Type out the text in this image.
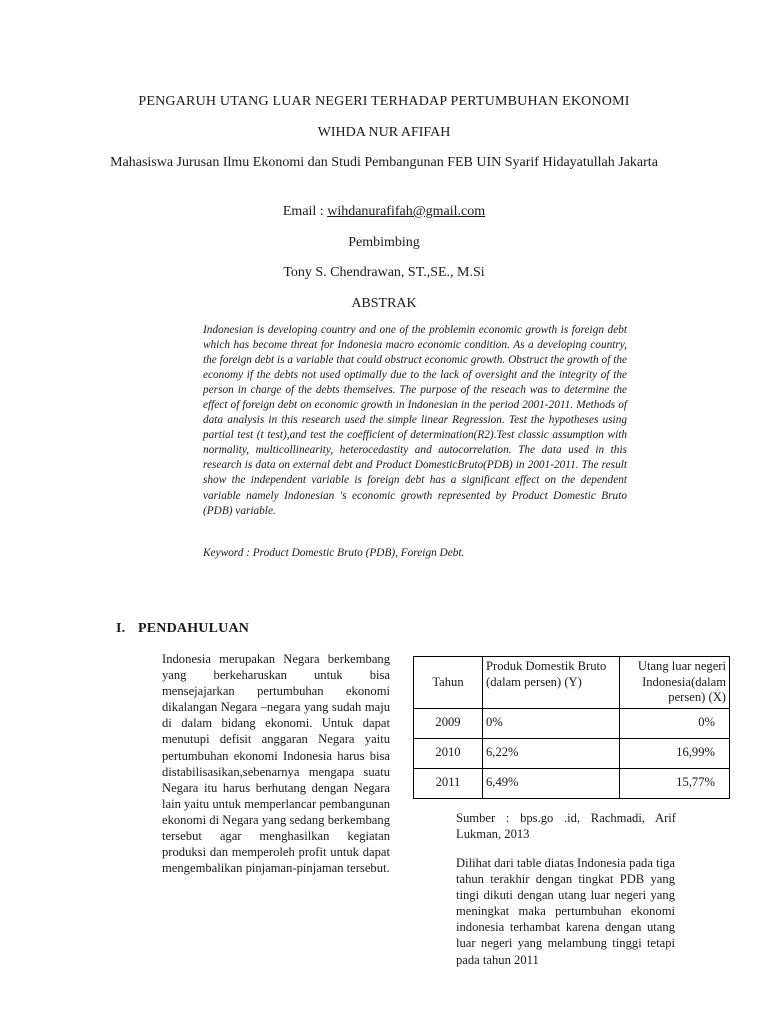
PENGARUH UTANG LUAR NEGERI TERHADAP PERTUMBUHAN EKONOMI
WIHDA NUR AFIFAH
Mahasiswa Jurusan Ilmu Ekonomi dan Studi Pembangunan FEB UIN Syarif Hidayatullah Jakarta
Email : wihdanurafifah@gmail.com
Pembimbing
Tony S. Chendrawan, ST.,SE., M.Si
ABSTRAK
Indonesian is developing country and one of the problemin economic growth is foreign debt which has become threat for Indonesia macro economic condition. As a developing country, the foreign debt is a variable that could obstruct economic growth. Obstruct the growth of the economy if the debts not used optimally due to the lack of oversight and the integrity of the person in charge of the debts themselves. The purpose of the reseach was to determine the effect of foreign debt on economic growth in Indonesian in the period 2001-2011. Methods of data analysis in this research used the simple linear Regression. Test the hypotheses using partial test (t test),and test the coefficient of determination(R2).Test classic assumption with normality, multicollinearity, heterocedastity and autocorrelation. The data used in this research is data on external debt and Product DomesticBruto(PDB) in 2001-2011. The result show the independent variable is foreign debt has a significant effect on the dependent variable namely Indonesian 's economic growth represented by Product Domestic Bruto (PDB) variable.
Keyword : Product Domestic Bruto (PDB), Foreign Debt.
I. PENDAHULUAN
Indonesia merupakan Negara berkembang yang berkeharuskan untuk bisa mensejajarkan pertumbuhan ekonomi dikalangan Negara –negara yang sudah maju di dalam bidang ekonomi. Untuk dapat menutupi defisit anggaran Negara yaitu pertumbuhan ekonomi Indonesia harus bisa distabilisasikan,sebenarnya mengapa suatu Negara itu harus berhutang dengan Negara lain yaitu untuk memperlancar pembangunan ekonomi di Negara yang sedang berkembang tersebut agar menghasilkan kegiatan produksi dan memperoleh profit untuk dapat mengembalikan pinjaman-pinjaman tersebut.
Tahun	Produk Domestik Bruto (dalam persen) (Y)	Utang luar negeri Indonesia(dalam persen) (X)
2009	0%	0%
2010	6,22%	16,99%
2011	6,49%	15,77%
Sumber : bps.go .id, Rachmadi, Arif Lukman, 2013
Dilihat dari table diatas Indonesia pada tiga tahun terakhir dengan tingkat PDB yang tingi dikuti dengan utang luar negeri yang meningkat maka pertumbuhan ekonomi indonesia terhambat karena dengan utang luar negeri yang melambung tinggi tetapi pada tahun 2011
